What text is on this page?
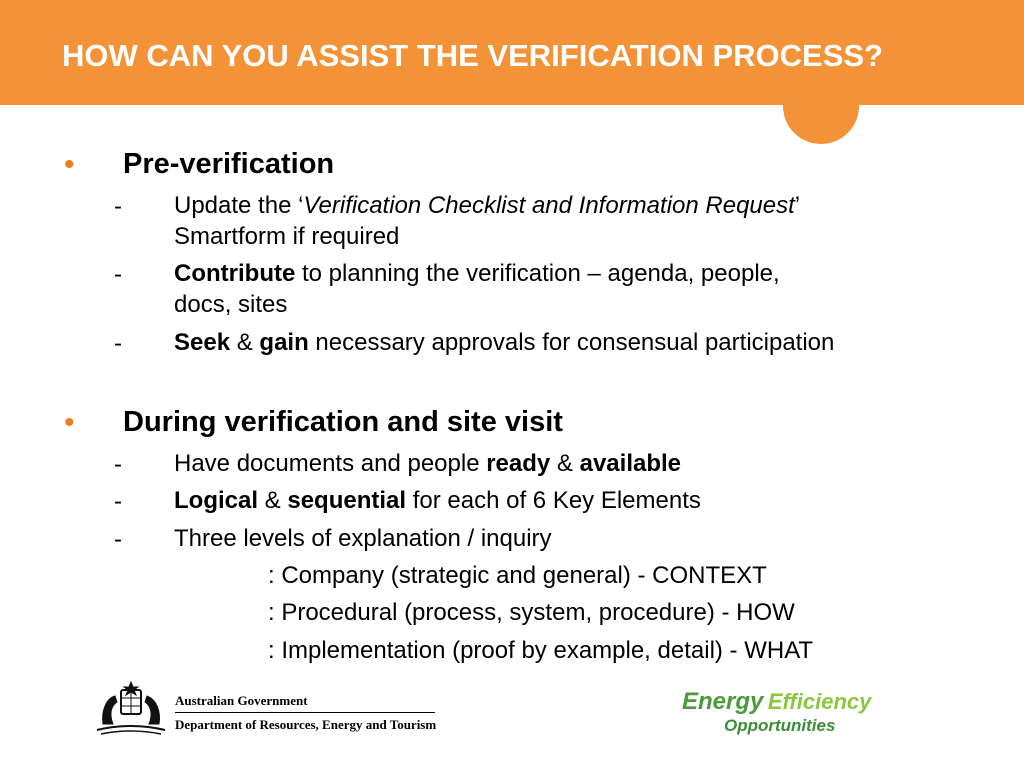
HOW CAN YOU ASSIST THE VERIFICATION PROCESS?
• Pre-verification
- Update the ‘Verification Checklist and Information Request’
Smartform if required
- Contribute to planning the verification – agenda, people,
docs, sites
- Seek & gain necessary approvals for consensual participation
• During verification and site visit
- Have documents and people ready & available
- Logical & sequential for each of 6 Key Elements
- Three levels of explanation / inquiry
: Company (strategic and general) - CONTEXT
: Procedural (process, system, procedure) - HOW
: Implementation (proof by example, detail) - WHAT
Australian Government
Department of Resources, Energy and Tourism
Energy Efficiency
Opportunities
